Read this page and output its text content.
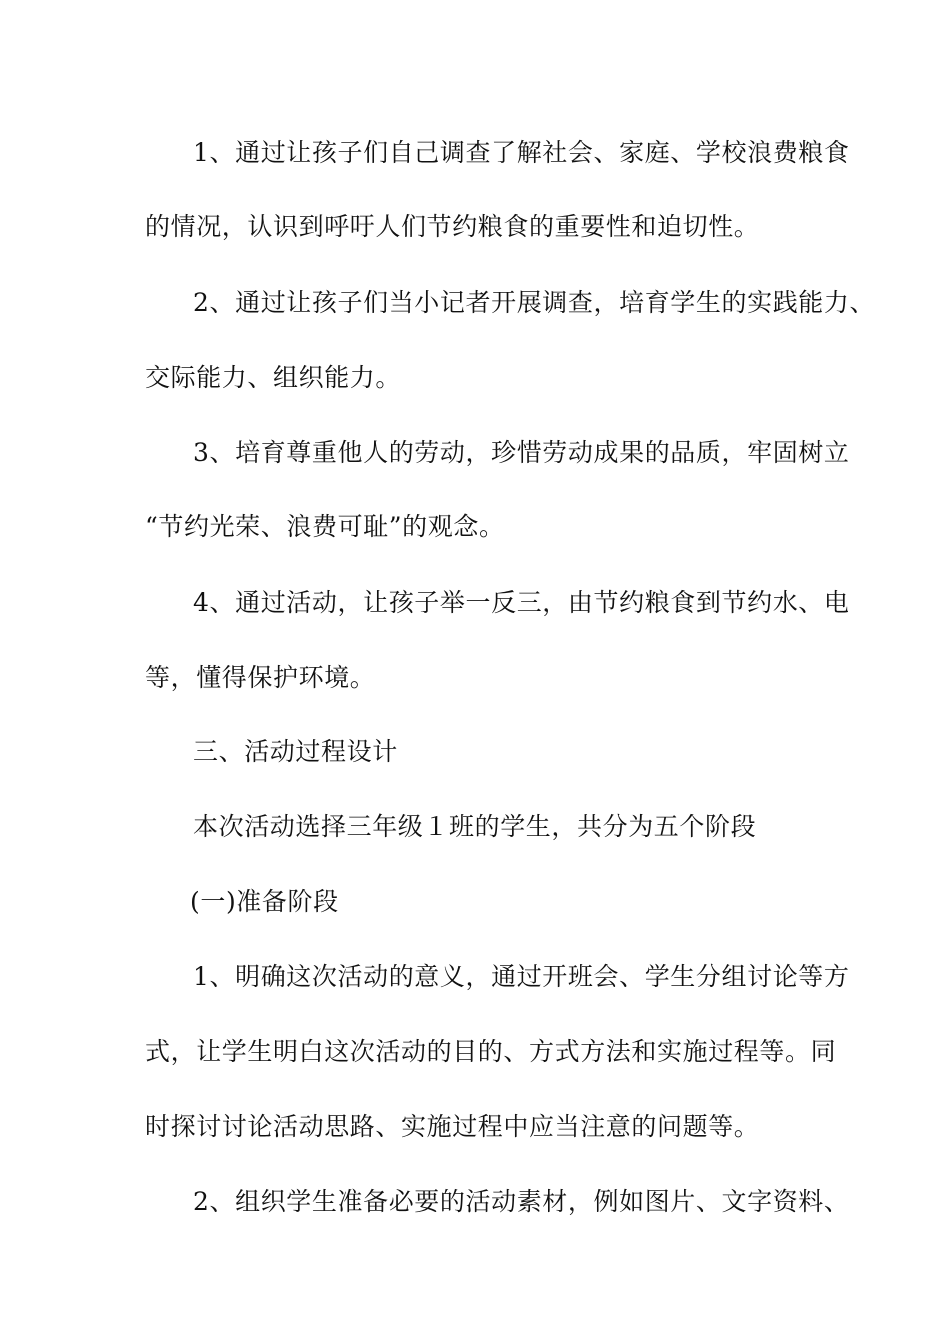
1、通过让孩子们自己调查了解社会、家庭、学校浪费粮食
的情况，认识到呼吁人们节约粮食的重要性和迫切性。
2、通过让孩子们当小记者开展调查，培育学生的实践能力、
交际能力、组织能力。
3、培育尊重他人的劳动，珍惜劳动成果的品质，牢固树立
“节约光荣、浪费可耻”的观念。
4、通过活动，让孩子举一反三，由节约粮食到节约水、电
等，懂得保护环境。
三、活动过程设计
本次活动选择三年级１班的学生，共分为五个阶段
(一)准备阶段
1、明确这次活动的意义，通过开班会、学生分组讨论等方
式，让学生明白这次活动的目的、方式方法和实施过程等。同
时探讨讨论活动思路、实施过程中应当注意的问题等。
2、组织学生准备必要的活动素材，例如图片、文字资料、
